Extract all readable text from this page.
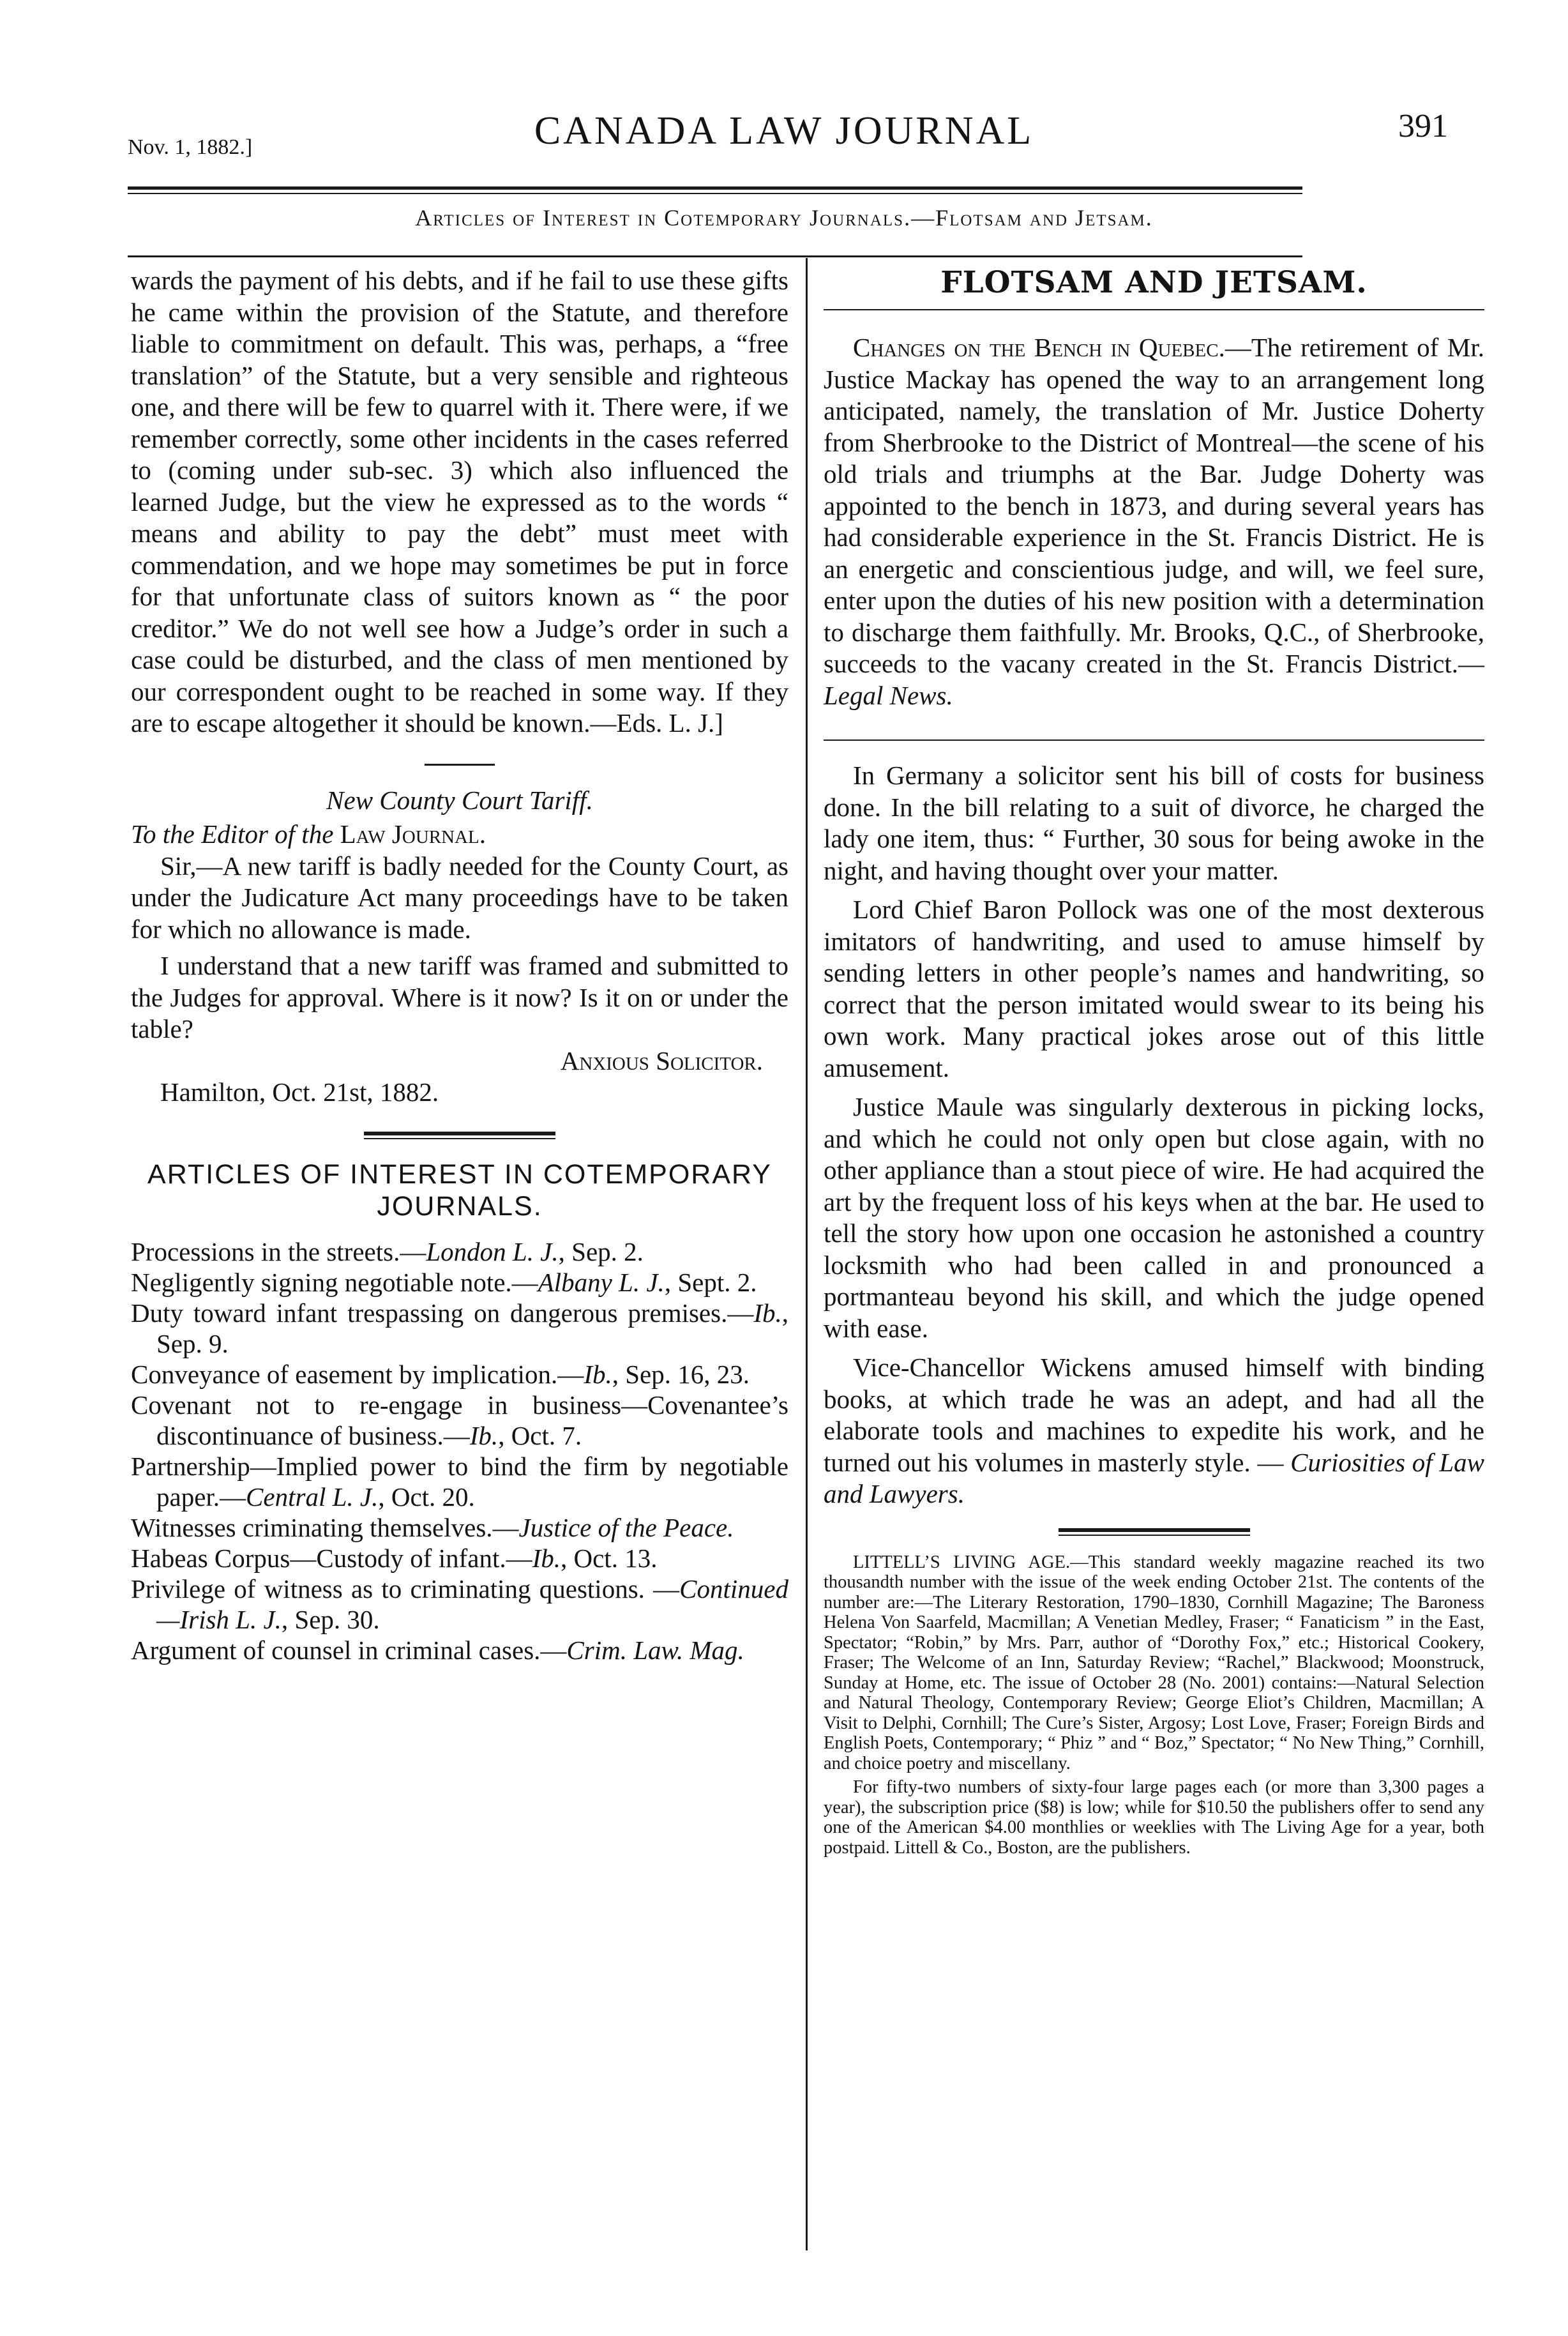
Nov. 1, 1882.]	CANADA LAW JOURNAL	391
Articles of Interest in Cotemporary Journals.—Flotsam and Jetsam.

wards the payment of his debts, and if he fail to use these gifts he came within the provision of the Statute, and therefore liable to commitment on default. This was, perhaps, a “free translation” of the Statute, but a very sensible and righteous one, and there will be few to quarrel with it. There were, if we remember correctly, some other incidents in the cases referred to (coming under sub-sec. 3) which also influenced the learned Judge, but the view he expressed as to the words “ means and ability to pay the debt” must meet with commendation, and we hope may sometimes be put in force for that unfortunate class of suitors known as “ the poor creditor.” We do not well see how a Judge’s order in such a case could be disturbed, and the class of men mentioned by our correspondent ought to be reached in some way. If they are to escape altogether it should be known.—Eds. L. J.]

New County Court Tariff.

To the Editor of the Law Journal.

Sir,—A new tariff is badly needed for the County Court, as under the Judicature Act many proceedings have to be taken for which no allowance is made.

I understand that a new tariff was framed and submitted to the Judges for approval. Where is it now? Is it on or under the table?

Anxious Solicitor.

Hamilton, Oct. 21st, 1882.

ARTICLES OF INTEREST IN COTEMPORARY JOURNALS.

Processions in the streets.—London L. J., Sep. 2.

Negligently signing negotiable note.—Albany L. J., Sept. 2.

Duty toward infant trespassing on dangerous premises.—Ib., Sep. 9.

Conveyance of easement by implication.—Ib., Sep. 16, 23.

Covenant not to re-engage in business—Covenantee’s discontinuance of business.—Ib., Oct. 7.

Partnership—Implied power to bind the firm by negotiable paper.—Central L. J., Oct. 20.

Witnesses criminating themselves.—Justice of the Peace.

Habeas Corpus—Custody of infant.—Ib., Oct. 13.

Privilege of witness as to criminating questions. —Continued—Irish L. J., Sep. 30.

Argument of counsel in criminal cases.—Crim. Law. Mag.

FLOTSAM AND JETSAM.

Changes on the Bench in Quebec.—The retirement of Mr. Justice Mackay has opened the way to an arrangement long anticipated, namely, the translation of Mr. Justice Doherty from Sherbrooke to the District of Montreal—the scene of his old trials and triumphs at the Bar. Judge Doherty was appointed to the bench in 1873, and during several years has had considerable experience in the St. Francis District. He is an energetic and conscientious judge, and will, we feel sure, enter upon the duties of his new position with a determination to discharge them faithfully. Mr. Brooks, Q.C., of Sherbrooke, succeeds to the vacany created in the St. Francis District.—Legal News.

In Germany a solicitor sent his bill of costs for business done. In the bill relating to a suit of divorce, he charged the lady one item, thus: “ Further, 30 sous for being awoke in the night, and having thought over your matter.

Lord Chief Baron Pollock was one of the most dexterous imitators of handwriting, and used to amuse himself by sending letters in other people’s names and handwriting, so correct that the person imitated would swear to its being his own work. Many practical jokes arose out of this little amusement.

Justice Maule was singularly dexterous in picking locks, and which he could not only open but close again, with no other appliance than a stout piece of wire. He had acquired the art by the frequent loss of his keys when at the bar. He used to tell the story how upon one occasion he astonished a country locksmith who had been called in and pronounced a portmanteau beyond his skill, and which the judge opened with ease.

Vice-Chancellor Wickens amused himself with binding books, at which trade he was an adept, and had all the elaborate tools and machines to expedite his work, and he turned out his volumes in masterly style. — Curiosities of Law and Lawyers.

LITTELL’S LIVING AGE.—This standard weekly magazine reached its two thousandth number with the issue of the week ending October 21st. The contents of the number are:—The Literary Restoration, 1790–1830, Cornhill Magazine; The Baroness Helena Von Saarfeld, Macmillan; A Venetian Medley, Fraser; “ Fanaticism ” in the East, Spectator; “Robin,” by Mrs. Parr, author of “Dorothy Fox,” etc.; Historical Cookery, Fraser; The Welcome of an Inn, Saturday Review; “Rachel,” Blackwood; Moonstruck, Sunday at Home, etc. The issue of October 28 (No. 2001) contains:—Natural Selection and Natural Theology, Contemporary Review; George Eliot’s Children, Macmillan; A Visit to Delphi, Cornhill; The Cure’s Sister, Argosy; Lost Love, Fraser; Foreign Birds and English Poets, Contemporary; “ Phiz ” and “ Boz,” Spectator; “ No New Thing,” Cornhill, and choice poetry and miscellany.

For fifty-two numbers of sixty-four large pages each (or more than 3,300 pages a year), the subscription price ($8) is low; while for $10.50 the publishers offer to send any one of the American $4.00 monthlies or weeklies with The Living Age for a year, both postpaid. Littell & Co., Boston, are the publishers.
